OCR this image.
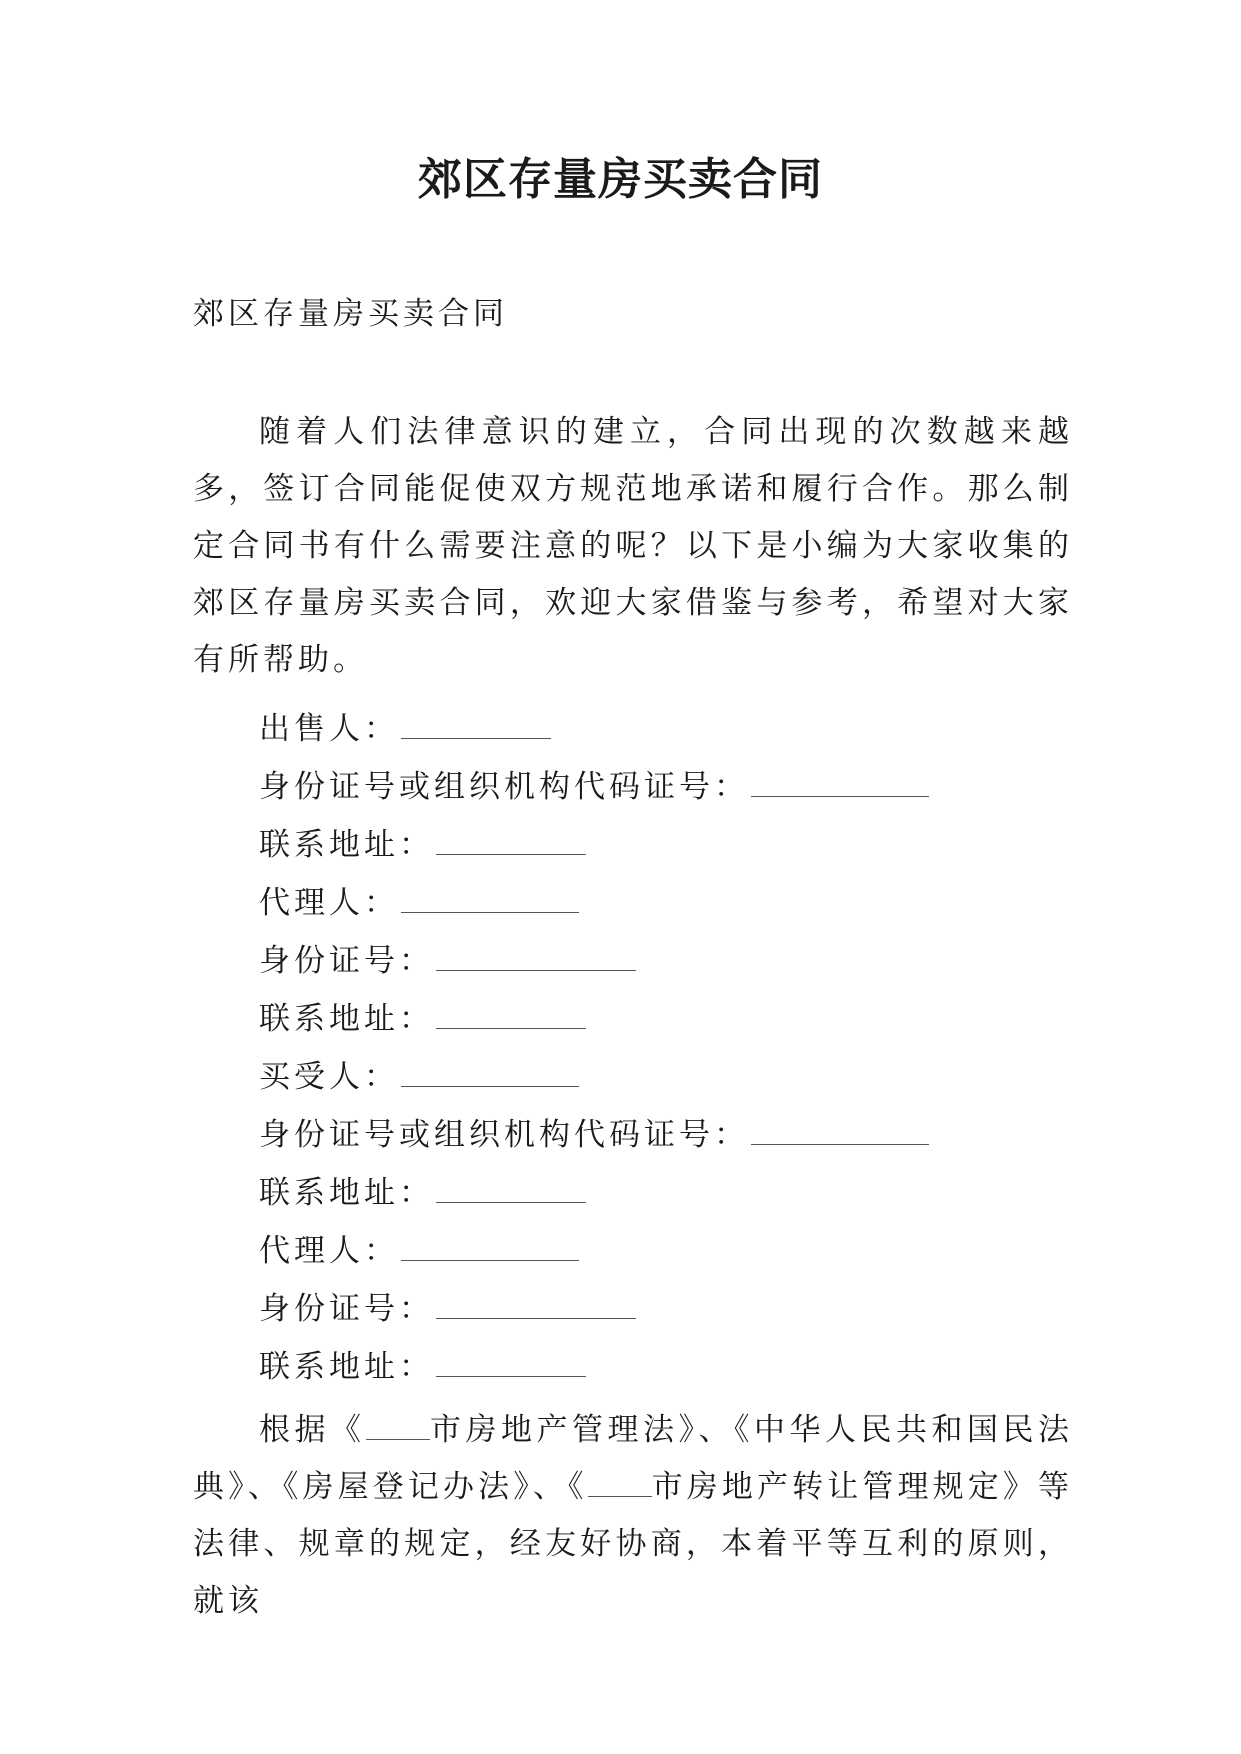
郊区存量房买卖合同

郊区存量房买卖合同

随着人们法律意识的建立，合同出现的次数越来越多，签订合同能促使双方规范地承诺和履行合作。那么制定合同书有什么需要注意的呢？以下是小编为大家收集的郊区存量房买卖合同，欢迎大家借鉴与参考，希望对大家有所帮助。

出售人：
身份证号或组织机构代码证号：
联系地址：
代理人：
身份证号：
联系地址：
买受人：
身份证号或组织机构代码证号：
联系地址：
代理人：
身份证号：
联系地址：

根据《 市房地产管理法》、《中华人民共和国民法典》、《房屋登记办法》、《 市房地产转让管理规定》等法律、规章的规定，经友好协商，本着平等互利的原则，就该
